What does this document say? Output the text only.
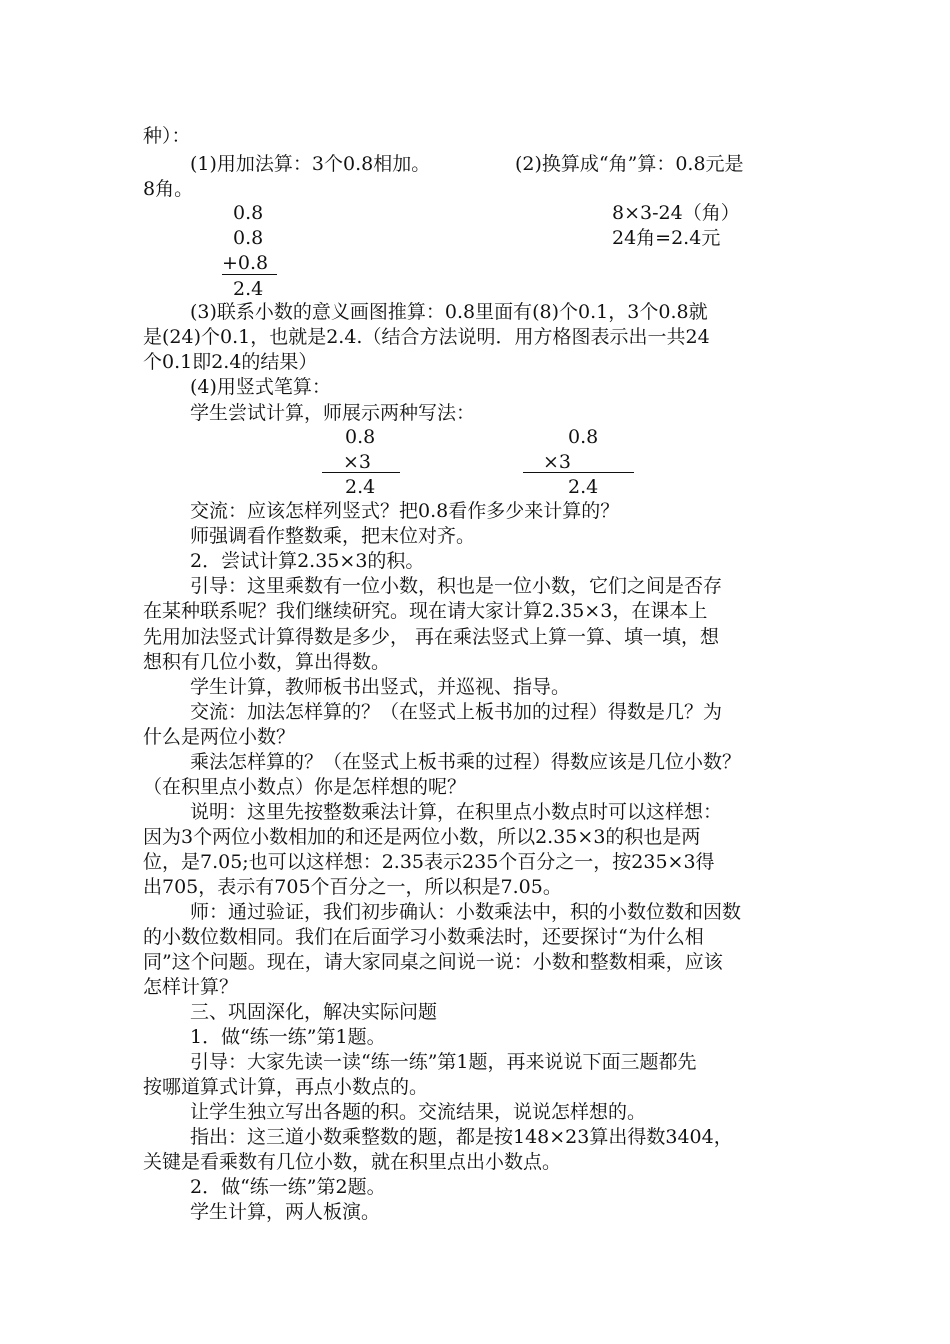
种）：

(1)用加法算：3个0.8相加。	(2)换算成“角”算：0.8元是

8角。

0.8

0.8

+0.8

2.4

8×3-24（角）

24角=2.4元

(3)联系小数的意义画图推算：0.8里面有(8)个0.1，3个0.8就

是(24)个0.1，也就是2.4.（结合方法说明．用方格图表示出一共24

个0.1即2.4的结果）

(4)用竖式笔算：

学生尝试计算，师展示两种写法：

0.8

×3

2.4

0.8

×3

2.4

交流：应该怎样列竖式？把0.8看作多少来计算的？

师强调看作整数乘，把末位对齐。

2．尝试计算2.35×3的积。

引导：这里乘数有一位小数，积也是一位小数，它们之间是否存

在某种联系呢？我们继续研究。现在请大家计算2.35×3，在课本上

先用加法竖式计算得数是多少， 再在乘法竖式上算一算、填一填，想

想积有几位小数，算出得数。

学生计算，教师板书出竖式，并巡视、指导。

交流：加法怎样算的？（在竖式上板书加的过程）得数是几？为

什么是两位小数？

乘法怎样算的？（在竖式上板书乘的过程）得数应该是几位小数？

（在积里点小数点）你是怎样想的呢？

说明：这里先按整数乘法计算，在积里点小数点时可以这样想：

因为3个两位小数相加的和还是两位小数，所以2.35×3的积也是两

位，是7.05;也可以这样想：2.35表示235个百分之一，按235×3得

出705，表示有705个百分之一，所以积是7.05。

师：通过验证，我们初步确认：小数乘法中，积的小数位数和因数

的小数位数相同。我们在后面学习小数乘法时，还要探讨“为什么相

同”这个问题。现在，请大家同桌之间说一说：小数和整数相乘，应该

怎样计算？

三、巩固深化，解决实际问题

1．做“练一练”第1题。

引导：大家先读一读“练一练”第1题，再来说说下面三题都先

按哪道算式计算，再点小数点的。

让学生独立写出各题的积。交流结果，说说怎样想的。

指出：这三道小数乘整数的题，都是按148×23算出得数3404，

关键是看乘数有几位小数，就在积里点出小数点。

2．做“练一练”第2题。

学生计算，两人板演。
